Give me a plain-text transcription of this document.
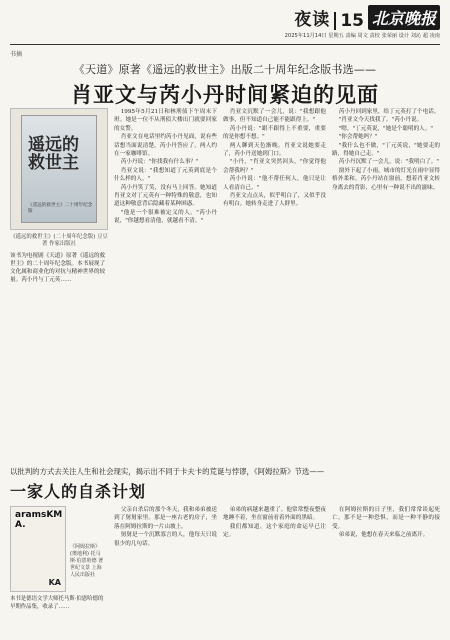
夜读 15 北京晚报
2025年11月14日 星期五 责编 周文 责校 张荣丽 设计 刘沁 超 凌南
书摘
《天道》原著《遥远的救世主》出版二十周年纪念版书选——
肖亚文与芮小丹时间紧迫的见面
遥远的救世主
《遥远的救世主》二十周年纪念版
《遥远的救世主》(二十周年纪念版) 豆豆 著 作家出版社
该书为电视剧《天道》原著《遥远的救世主》的二十周年纪念版。本书展现了文化属和商业化的对抗与精神世界的较量。芮小丹与丁元英……

1995年5月21日和林刑侦下午周末下班。她是一位不从刑侦大楼出门就要回家的女警。

肖亚文在电话里约芮小丹见面，说有些话想当面说清楚。芮小丹答应了，两人约在一家咖啡馆。

芮小丹说："你找我有什么事？"

肖亚文说："我想知道丁元英到底是个什么样的人。"

芮小丹笑了笑，没有马上回答。她知道肖亚文对丁元英有一种特殊的敬意，也知道这种敬意背后隐藏着某种困惑。

"他是一个很难被定义的人。"芮小丹说，"你越想看清他，就越看不清。"

肖亚文沉默了一会儿，说："我想跟他做事，但不知道自己能不能跟得上。"

芮小丹说："跟不跟得上不重要，重要的是你想不想。"

两人聊到天色渐晚。肖亚文说她要走了，芮小丹送她到门口。

"小丹，"肖亚文突然回头，"你觉得他会帮我吗？"

芮小丹说："他不帮任何人，他只是让人看清自己。"

肖亚文点点头，似乎明白了，又似乎没有明白。她转身走进了人群里。

芮小丹回到家里，给丁元英打了个电话。

"肖亚文今天找我了。"芮小丹说。

"嗯。"丁元英说，"她是个聪明的人。"

"你会帮她吗？"

"我什么也不做，"丁元英说，"她要走的路，得她自己走。"

芮小丹沉默了一会儿，说："我明白了。"

窗外下起了小雨，城市的灯光在雨中显得格外柔和。芮小丹站在窗前，想着肖亚文转身离去的背影，心里有一种说不出的滋味。

以批判的方式去关注人生和社会现实，揭示出不同于卡夫卡的荒诞与悖谬，《阿姆拉斯》节选——
一家人的自杀计划
aramsKMA.
KA
《阿姆拉斯》(奥地利) 托马斯·伯恩哈德 著 世纪文景 上海人民出版社
本书是德语文学大师托马斯·伯恩哈德的早期作品集，收录了……

父亲自杀后的那个冬天，我和弟弟被送到了舅舅家里。那是一座古老的房子，坐落在阿姆拉斯的一片山坡上。

舅舅是一个沉默寡言的人，他每天只说很少的几句话。

弟弟的病越来越重了。他常常整夜整夜地睡不着，坐在窗前看着外面的黑暗。

我们都知道，这个家庭的命运早已注定。

在阿姆拉斯的日子里，我们常常谈起死亡。那不是一种恐惧，而是一种平静的接受。

弟弟说，他想在春天来临之前离开。
